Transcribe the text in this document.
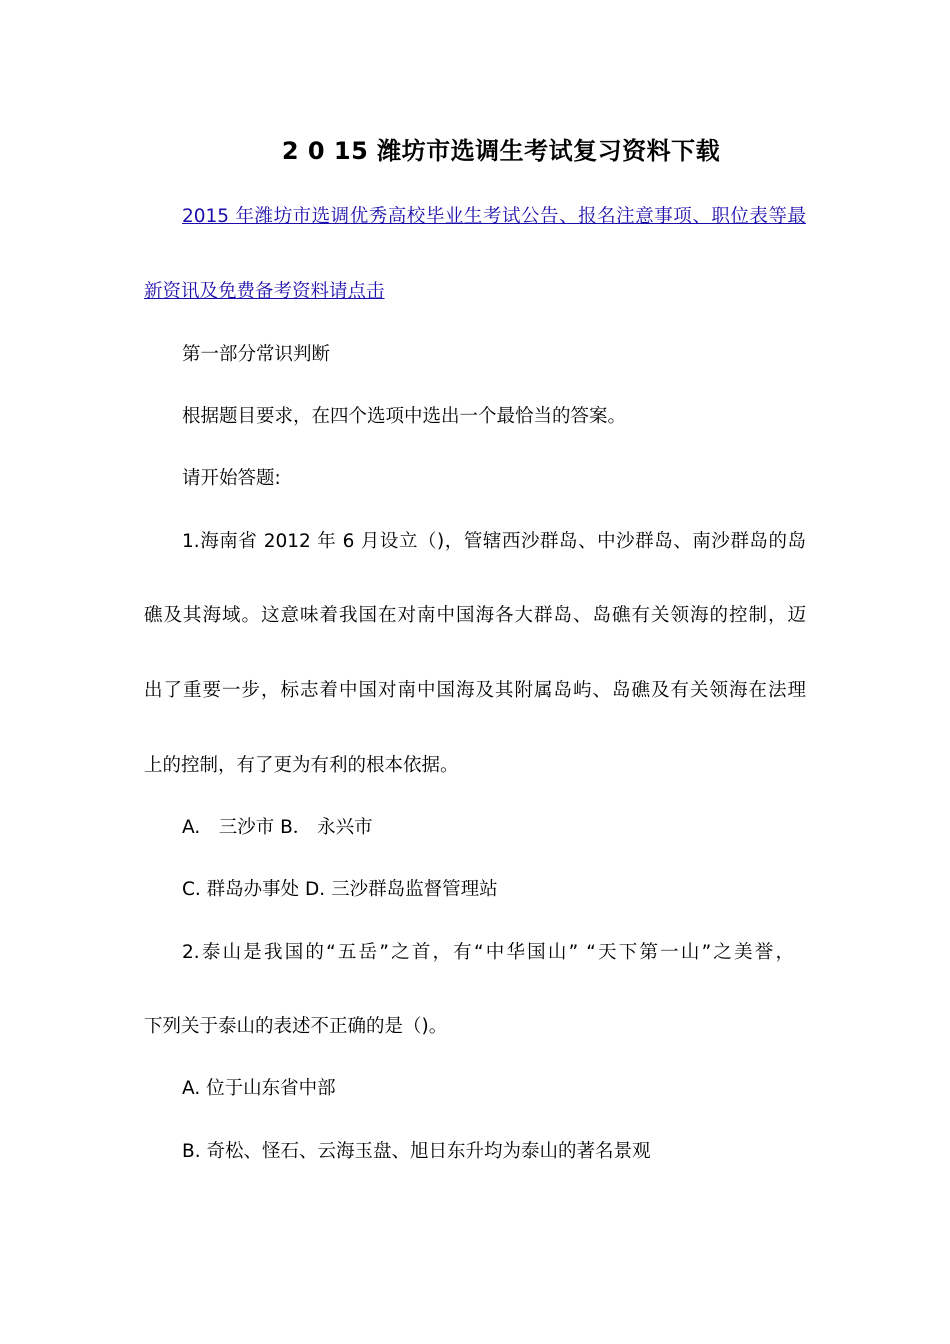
2 0 15 潍坊市选调生考试复习资料下载
2015 年潍坊市选调优秀高校毕业生考试公告、报名注意事项、职位表等最
新资讯及免费备考资料请点击
第一部分常识判断
根据题目要求，在四个选项中选出一个最恰当的答案。
请开始答题:
1.海南省 2012 年 6 月设立（)，管辖西沙群岛、中沙群岛、南沙群岛的岛
礁及其海域。这意味着我国在对南中国海各大群岛、岛礁有关领海的控制，迈
出了重要一步，标志着中国对南中国海及其附属岛屿、岛礁及有关领海在法理
上的控制，有了更为有利的根本依据。
A.　三沙市 B． 永兴市
C. 群岛办事处 D. 三沙群岛监督管理站
2.泰山是我国的“五岳”之首，有“中华国山” “天下第一山”之美誉，
下列关于泰山的表述不正确的是（)。
A. 位于山东省中部
B. 奇松、怪石、云海玉盘、旭日东升均为泰山的著名景观
